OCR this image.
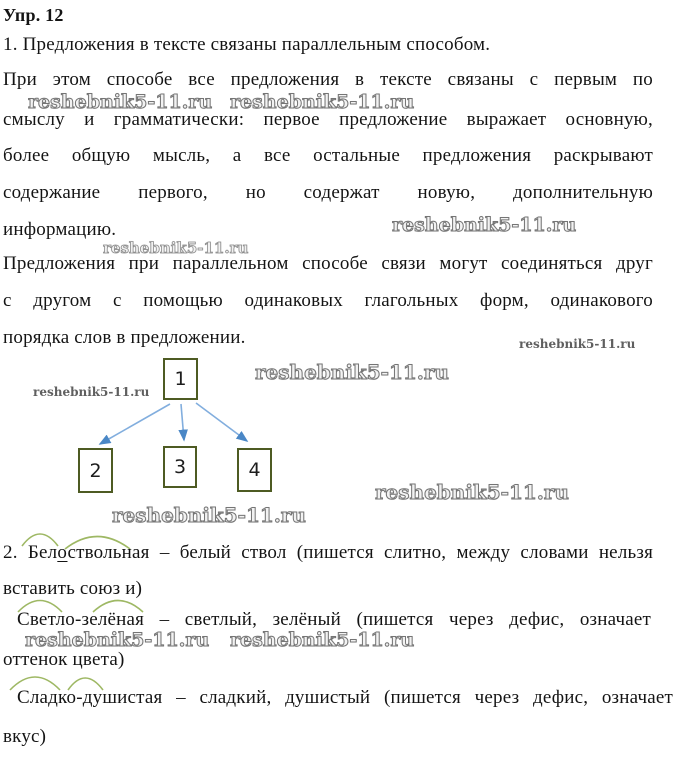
Упр. 12
1. Предложения в тексте связаны параллельным способом.
При этом способе все предложения в тексте связаны с первым по
смыслу и грамматически: первое предложение выражает основную,
более общую мысль, а все остальные предложения раскрывают
содержание первого, но содержат новую, дополнительную
информацию.
Предложения при параллельном способе связи могут соединяться друг
с другом с помощью одинаковых глагольных форм, одинакового
порядка слов в предложении.
1
2	3	4
2. Белоствольная – белый ствол (пишется слитно, между словами нельзя
вставить союз и)
Светло-зелёная – светлый, зелёный (пишется через дефис, означает
оттенок цвета)
Сладко-душистая – сладкий, душистый (пишется через дефис, означает
вкус)
reshebnik5-11.ru reshebnik5-11.ru
reshebnik5-11.ru
reshebnik5-11.ru
reshebnik5-11.ru
reshebnik5-11.ru
reshebnik5-11.ru
reshebnik5-11.ru
reshebnik5-11.ru
reshebnik5-11.ru reshebnik5-11.ru
